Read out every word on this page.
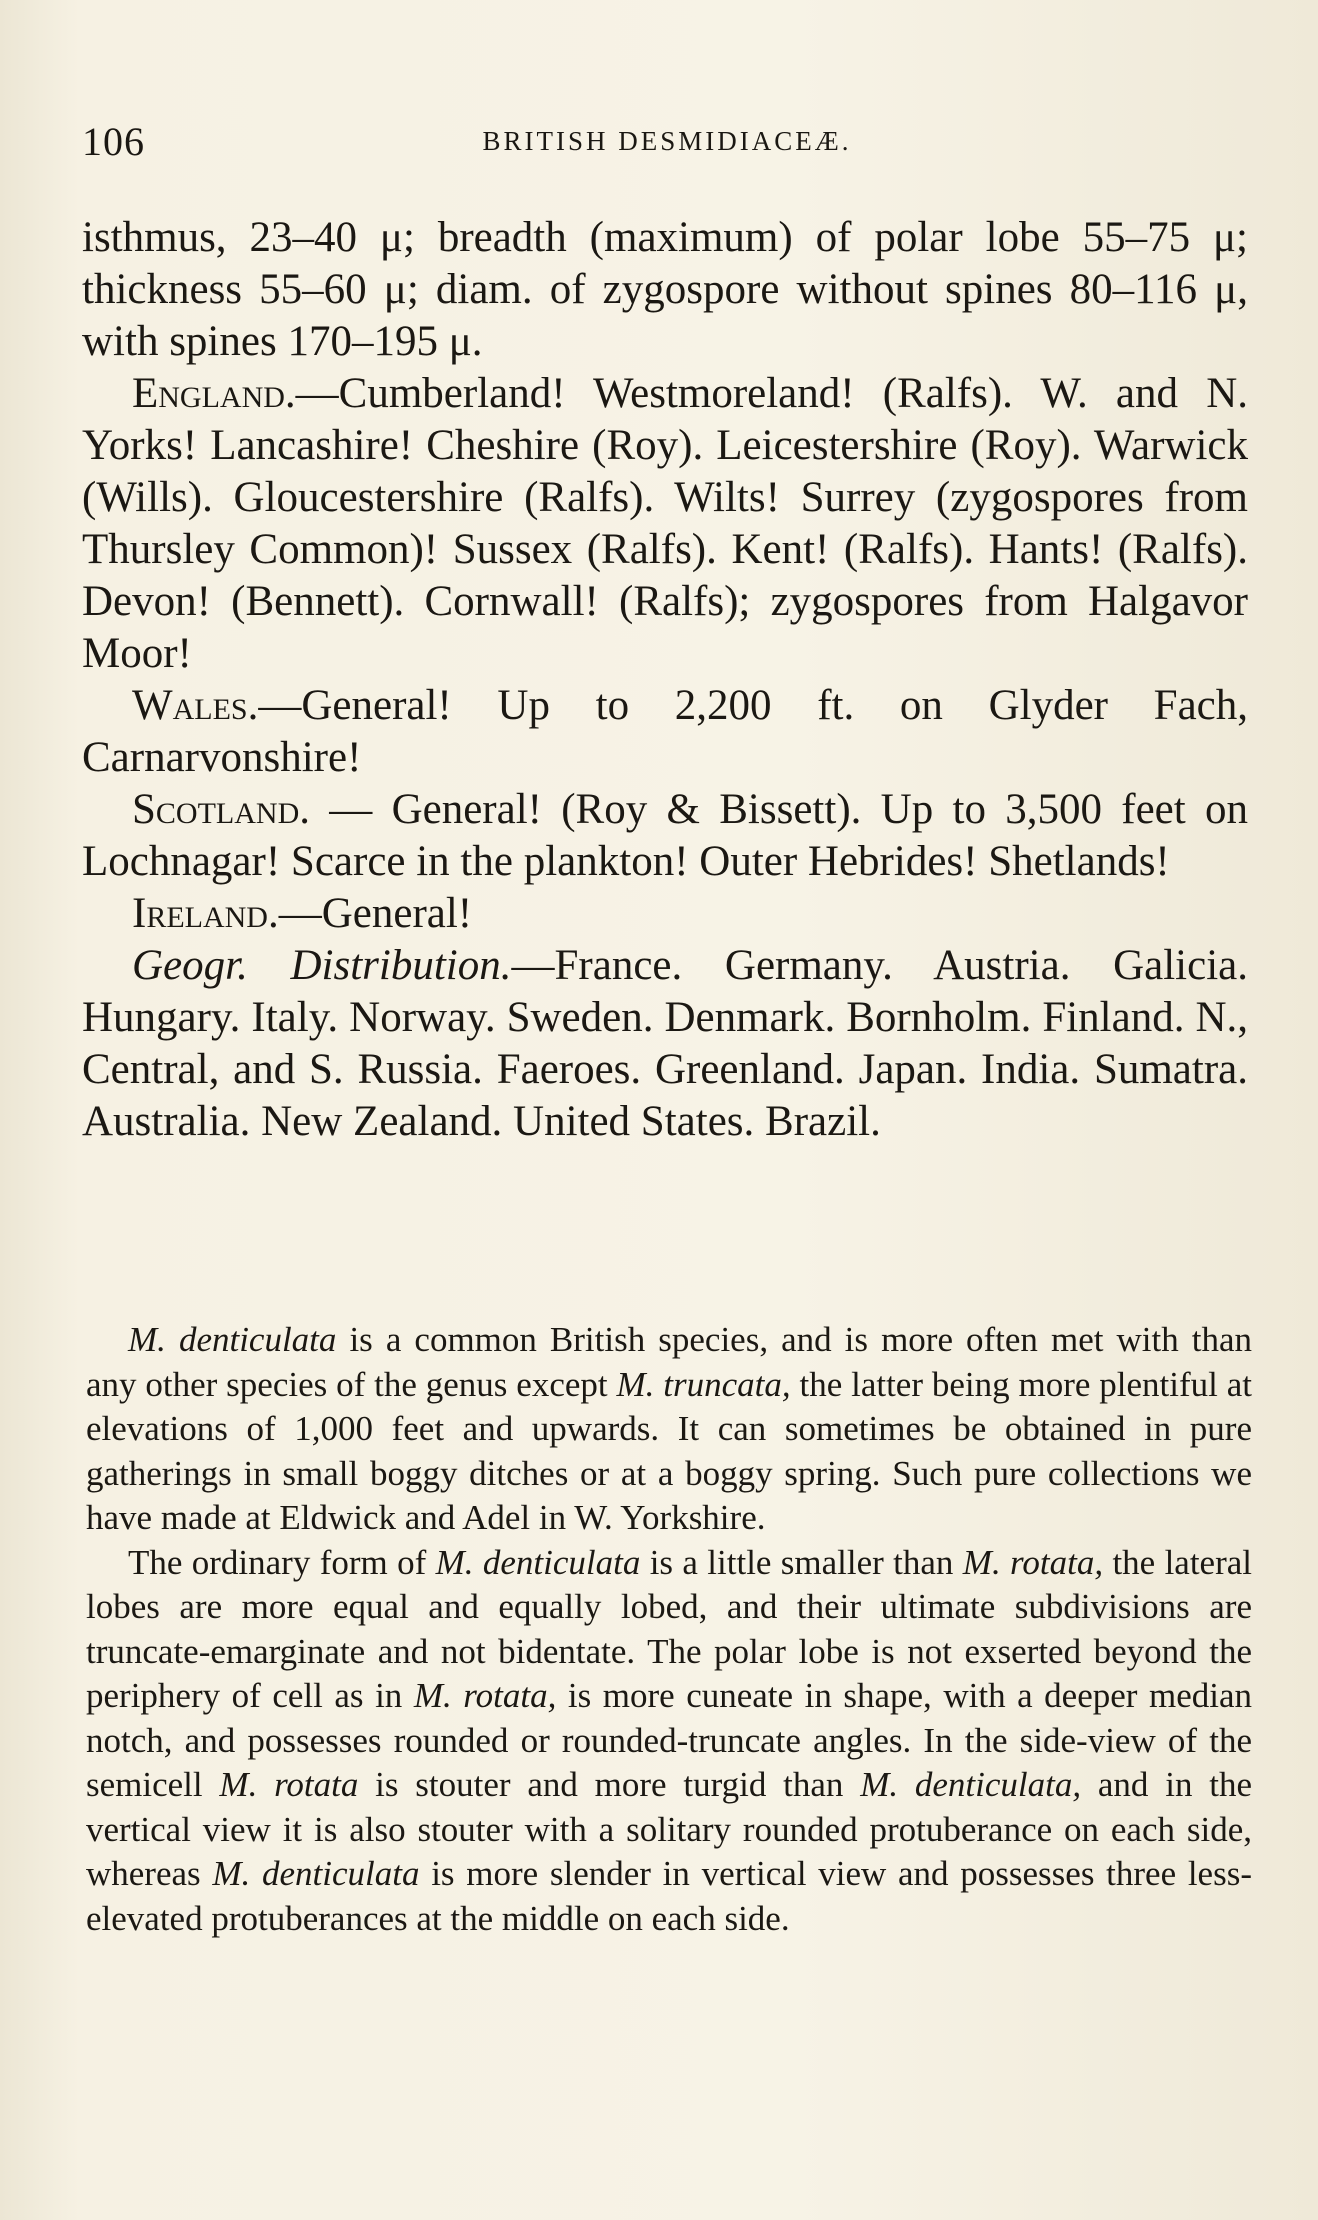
106	BRITISH DESMIDIACEÆ.

isthmus, 23–40 μ; breadth (maximum) of polar lobe 55–75 μ; thickness 55–60 μ; diam. of zygospore without spines 80–116 μ, with spines 170–195 μ.

England.—Cumberland! Westmoreland! (Ralfs). W. and N. Yorks! Lancashire! Cheshire (Roy). Leicestershire (Roy). Warwick (Wills). Gloucestershire (Ralfs). Wilts! Surrey (zygospores from Thursley Common)! Sussex (Ralfs). Kent! (Ralfs). Hants! (Ralfs). Devon! (Bennett). Cornwall! (Ralfs); zygospores from Halgavor Moor!

Wales.—General! Up to 2,200 ft. on Glyder Fach, Carnarvonshire!

Scotland. — General! (Roy & Bissett). Up to 3,500 feet on Lochnagar! Scarce in the plankton! Outer Hebrides! Shetlands!

Ireland.—General!

Geogr. Distribution.—France. Germany. Austria. Galicia. Hungary. Italy. Norway. Sweden. Denmark. Bornholm. Finland. N., Central, and S. Russia. Faeroes. Greenland. Japan. India. Sumatra. Australia. New Zealand. United States. Brazil.

M. denticulata is a common British species, and is more often met with than any other species of the genus except M. truncata, the latter being more plentiful at elevations of 1,000 feet and upwards. It can sometimes be obtained in pure gatherings in small boggy ditches or at a boggy spring. Such pure collections we have made at Eldwick and Adel in W. Yorkshire.

The ordinary form of M. denticulata is a little smaller than M. rotata, the lateral lobes are more equal and equally lobed, and their ultimate subdivisions are truncate-emarginate and not bidentate. The polar lobe is not exserted beyond the periphery of cell as in M. rotata, is more cuneate in shape, with a deeper median notch, and possesses rounded or rounded-truncate angles. In the side-view of the semicell M. rotata is stouter and more turgid than M. denticulata, and in the vertical view it is also stouter with a solitary rounded protuberance on each side, whereas M. denticulata is more slender in vertical view and possesses three less-elevated protuberances at the middle on each side.
